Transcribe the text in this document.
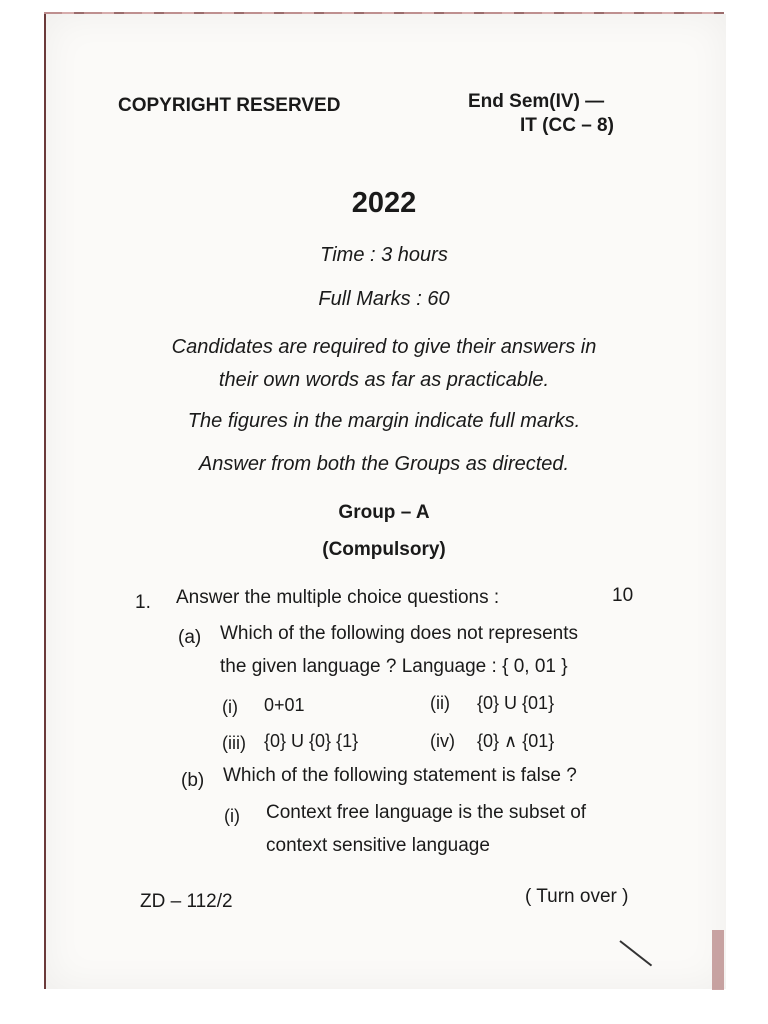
COPYRIGHT RESERVED	End Sem(IV) —

IT (CC – 8)

2022

Time : 3 hours

Full Marks : 60

Candidates are required to give their answers in

their own words as far as practicable.

The figures in the margin indicate full marks.

Answer from both the Groups as directed.

Group – A

(Compulsory)

1. Answer the multiple choice questions :	10

(a) Which of the following does not represents

the given language ? Language : { 0, 01 }

(i) 0+01	(ii) {0} U {01}

(iii) {0} U {0} {1}	(iv) {0} ∧ {01}

(b) Which of the following statement is false ?

(i) Context free language is the subset of

context sensitive language

ZD – 112/2	( Turn over )
